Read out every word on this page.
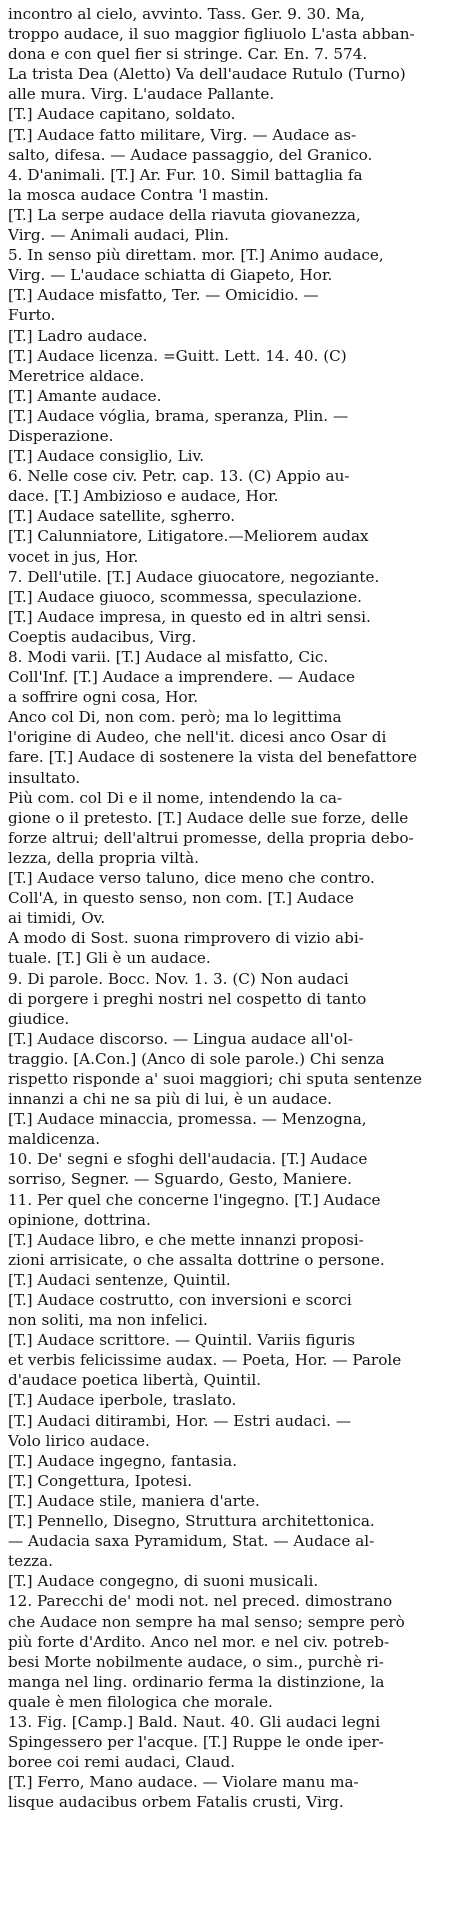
incontro al cielo, avvinto. Tass. Ger. 9. 30. Ma,
troppo audace, il suo maggior figliuolo L'asta abban-
dona e con quel fier si stringe. Car. En. 7. 574.
La trista Dea (Aletto) Va dell'audace Rutulo (Turno)
alle mura. Virg. L'audace Pallante.
[T.] Audace capitano, soldato.
[T.] Audace fatto militare, Virg. — Audace as-
salto, difesa. — Audace passaggio, del Granico.
4. D'animali. [T.] Ar. Fur. 10. Simil battaglia fa
la mosca audace Contra 'l mastin.
[T.] La serpe audace della riavuta giovanezza,
Virg. — Animali audaci, Plin.
5. In senso più direttam. mor. [T.] Animo audace,
Virg. — L'audace schiatta di Giapeto, Hor.
[T.] Audace misfatto, Ter. — Omicidio. —
Furto.
[T.] Ladro audace.
[T.] Audace licenza. =Guitt. Lett. 14. 40. (C)
Meretrice aldace.
[T.] Amante audace.
[T.] Audace vóglia, brama, speranza, Plin. —
Disperazione.
[T.] Audace consiglio, Liv.
6. Nelle cose civ. Petr. cap. 13. (C) Appio au-
dace. [T.] Ambizioso e audace, Hor.
[T.] Audace satellite, sgherro.
[T.] Calunniatore, Litigatore.—Meliorem audax
vocet in jus, Hor.
7. Dell'utile. [T.] Audace giuocatore, negoziante.
[T.] Audace giuoco, scommessa, speculazione.
[T.] Audace impresa, in questo ed in altri sensi.
Coeptis audacibus, Virg.
8. Modi varii. [T.] Audace al misfatto, Cic.
Coll'Inf. [T.] Audace a imprendere. — Audace
a soffrire ogni cosa, Hor.
Anco col Di, non com. però; ma lo legittima
l'origine di Audeo, che nell'it. dicesi anco Osar di
fare. [T.] Audace di sostenere la vista del benefattore
insultato.
Più com. col Di e il nome, intendendo la ca-
gione o il pretesto. [T.] Audace delle sue forze, delle
forze altrui; dell'altrui promesse, della propria debo-
lezza, della propria viltà.
[T.] Audace verso taluno, dice meno che contro.
Coll'A, in questo senso, non com. [T.] Audace
ai timidi, Ov.
A modo di Sost. suona rimprovero di vizio abi-
tuale. [T.] Gli è un audace.
9. Di parole. Bocc. Nov. 1. 3. (C) Non audaci
di porgere i preghi nostri nel cospetto di tanto
giudice.
[T.] Audace discorso. — Lingua audace all'ol-
traggio. [A.Con.] (Anco di sole parole.) Chi senza
rispetto risponde a' suoi maggiori; chi sputa sentenze
innanzi a chi ne sa più di lui, è un audace.
[T.] Audace minaccia, promessa. — Menzogna,
maldicenza.
10. De' segni e sfoghi dell'audacia. [T.] Audace
sorriso, Segner. — Sguardo, Gesto, Maniere.
11. Per quel che concerne l'ingegno. [T.] Audace
opinione, dottrina.
[T.] Audace libro, e che mette innanzi proposi-
zioni arrisicate, o che assalta dottrine o persone.
[T.] Audaci sentenze, Quintil.
[T.] Audace costrutto, con inversioni e scorci
non soliti, ma non infelici.
[T.] Audace scrittore. — Quintil. Variis figuris
et verbis felicissime audax. — Poeta, Hor. — Parole
d'audace poetica libertà, Quintil.
[T.] Audace iperbole, traslato.
[T.] Audaci ditirambi, Hor. — Estri audaci. —
Volo lirico audace.
[T.] Audace ingegno, fantasia.
[T.] Congettura, Ipotesi.
[T.] Audace stile, maniera d'arte.
[T.] Pennello, Disegno, Struttura architettonica.
— Audacia saxa Pyramidum, Stat. — Audace al-
tezza.
[T.] Audace congegno, di suoni musicali.
12. Parecchi de' modi not. nel preced. dimostrano
che Audace non sempre ha mal senso; sempre però
più forte d'Ardito. Anco nel mor. e nel civ. potreb-
besi Morte nobilmente audace, o sim., purchè ri-
manga nel ling. ordinario ferma la distinzione, la
quale è men filologica che morale.
13. Fig. [Camp.] Bald. Naut. 40. Gli audaci legni
Spingessero per l'acque. [T.] Ruppe le onde iper-
boree coi remi audaci, Claud.
[T.] Ferro, Mano audace. — Violare manu ma-
lisque audacibus orbem Fatalis crusti, Virg.
